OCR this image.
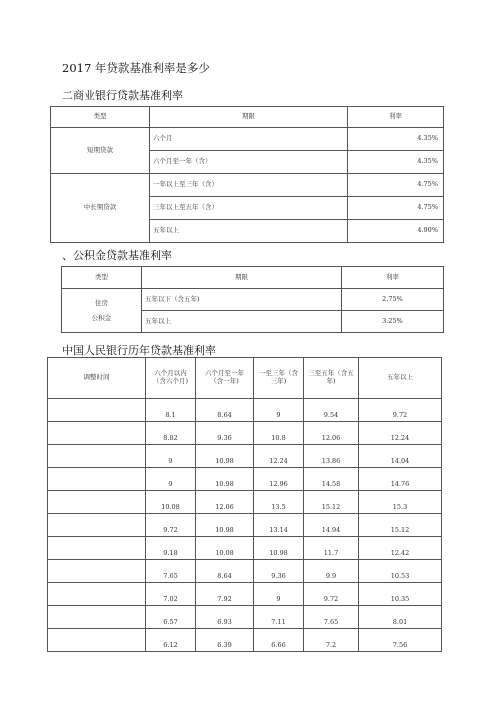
2017 年贷款基准利率是多少
二商业银行贷款基准利率
类型	期限	利率
短期贷款	六个月	4.35%
	六个月至一年（含）	4.35%
中长期贷款	一年以上至三年（含）	4.75%
	三年以上至五年（含）	4.75%
	五年以上	4.90%
、公积金贷款基准利率
类型	期限	利率
住房
公积金	五年以下（含五年)	2.75%
	五年以上	3.25%
中国人民银行历年贷款基准利率
调整时间	六个月以内（含六个月)	六个月至一年（含一年)	一至三年（含三年)	三至五年（含五年)	五年以上
	8.1	8.64	9	9.54	9.72
	8.82	9.36	10.8	12.06	12.24
	9	10.98	12.24	13.86	14.04
	9	10.98	12.96	14.58	14.76
	10.08	12.06	13.5	15.12	15.3
	9.72	10.98	13.14	14.94	15.12
	9.18	10.08	10.98	11.7	12.42
	7.65	8.64	9.36	9.9	10.53
	7.02	7.92	9	9.72	10.35
	6.57	6.93	7.11	7.65	8.01
	6.12	6.39	6.66	7.2	7.56
